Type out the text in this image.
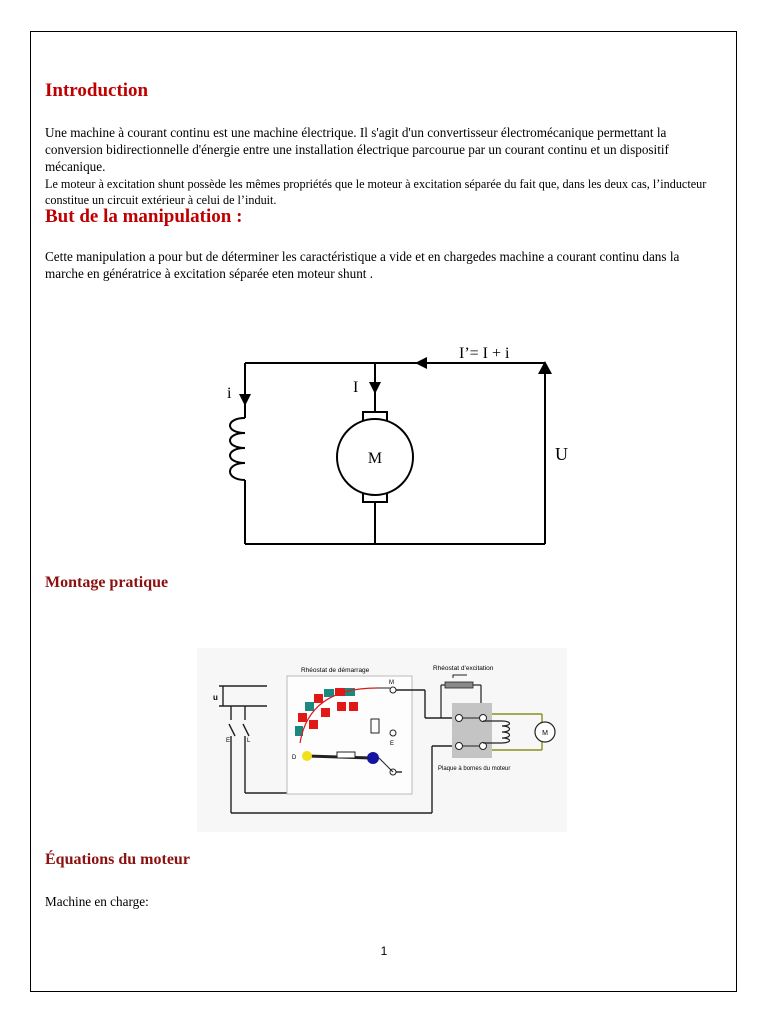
Introduction
Une machine à courant continu est une machine électrique. Il s'agit d'un convertisseur électromécanique permettant la conversion bidirectionnelle d'énergie entre une installation électrique parcourue par un courant continu et un dispositif mécanique.
Le moteur à excitation shunt possède les mêmes propriétés que le moteur à excitation séparée du fait que, dans les deux cas, l’inducteur constitue un circuit extérieur à celui de l’induit.
But de la manipulation :
Cette manipulation a pour but de déterminer les caractéristique a vide et en chargedes machine a courant continu dans la marche en génératrice à excitation séparée eten moteur shunt .
M
I’= I + i
i	I
U
Montage pratique
u
E	L
Rhéostat de démarrage
M
E
D
Rhéostat d’excitation
Plaque à bornes du moteur
M
Équations du moteur
Machine en charge:
1
